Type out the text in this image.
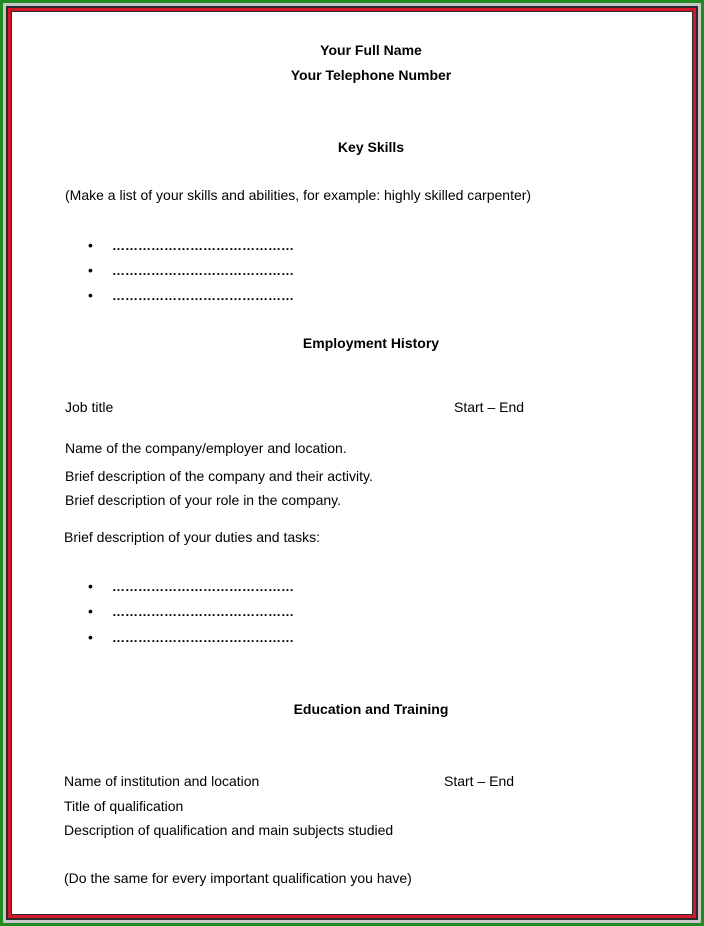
Your Full Name
Your Telephone Number
Key Skills
(Make a list of your skills and abilities, for example: highly skilled carpenter)
• ……………………………………
• ……………………………………
• ……………………………………
Employment History
Job title	Start – End
Name of the company/employer and location.
Brief description of the company and their activity.
Brief description of your role in the company.
Brief description of your duties and tasks:
• ……………………………………
• ……………………………………
• ……………………………………
Education and Training
Name of institution and location	Start – End
Title of qualification
Description of qualification and main subjects studied
(Do the same for every important qualification you have)
